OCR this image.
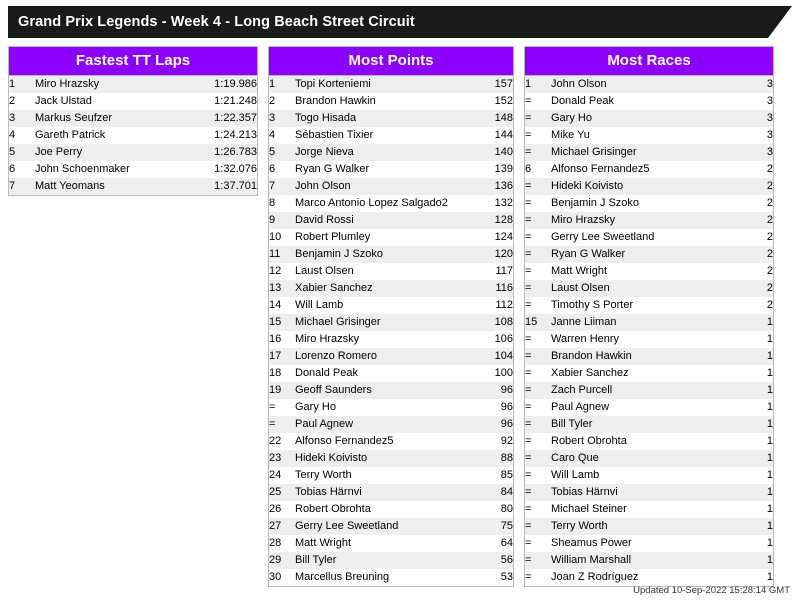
Grand Prix Legends - Week 4 - Long Beach Street Circuit
Fastest TT Laps
1	Miro Hrazsky	1:19.986
2	Jack Ulstad	1:21.248
3	Markus Seufzer	1:22.357
4	Gareth Patrick	1:24.213
5	Joe Perry	1:26.783
6	John Schoenmaker	1:32.076
7	Matt Yeomans	1:37.701
Most Points
1	Topi Korteniemi	157
2	Brandon Hawkin	152
3	Togo Hisada	148
4	Sébastien Tixier	144
5	Jorge Nieva	140
6	Ryan G Walker	139
7	John Olson	136
8	Marco Antonio Lopez Salgado2	132
9	David Rossi	128
10	Robert Plumley	124
11	Benjamin J Szoko	120
12	Laust Olsen	117
13	Xabier Sanchez	116
14	Will Lamb	112
15	Michael Grisinger	108
16	Miro Hrazsky	106
17	Lorenzo Romero	104
18	Donald Peak	100
19	Geoff Saunders	96
=	Gary Ho	96
=	Paul Agnew	96
22	Alfonso Fernandez5	92
23	Hideki Koivisto	88
24	Terry Worth	85
25	Tobias Härnvi	84
26	Robert Obrohta	80
27	Gerry Lee Sweetland	75
28	Matt Wright	64
29	Bill Tyler	56
30	Marcellus Breuning	53
Most Races
1	John Olson	3
=	Donald Peak	3
=	Gary Ho	3
=	Mike Yu	3
=	Michael Grisinger	3
6	Alfonso Fernandez5	2
=	Hideki Koivisto	2
=	Benjamin J Szoko	2
=	Miro Hrazsky	2
=	Gerry Lee Sweetland	2
=	Ryan G Walker	2
=	Matt Wright	2
=	Laust Olsen	2
=	Timothy S Porter	2
15	Janne Liiman	1
=	Warren Henry	1
=	Brandon Hawkin	1
=	Xabier Sanchez	1
=	Zach Purcell	1
=	Paul Agnew	1
=	Bill Tyler	1
=	Robert Obrohta	1
=	Caro Que	1
=	Will Lamb	1
=	Tobias Härnvi	1
=	Michael Steiner	1
=	Terry Worth	1
=	Sheamus Power	1
=	William Marshall	1
=	Joan Z Rodríguez	1
Updated 10-Sep-2022 15:28:14 GMT
